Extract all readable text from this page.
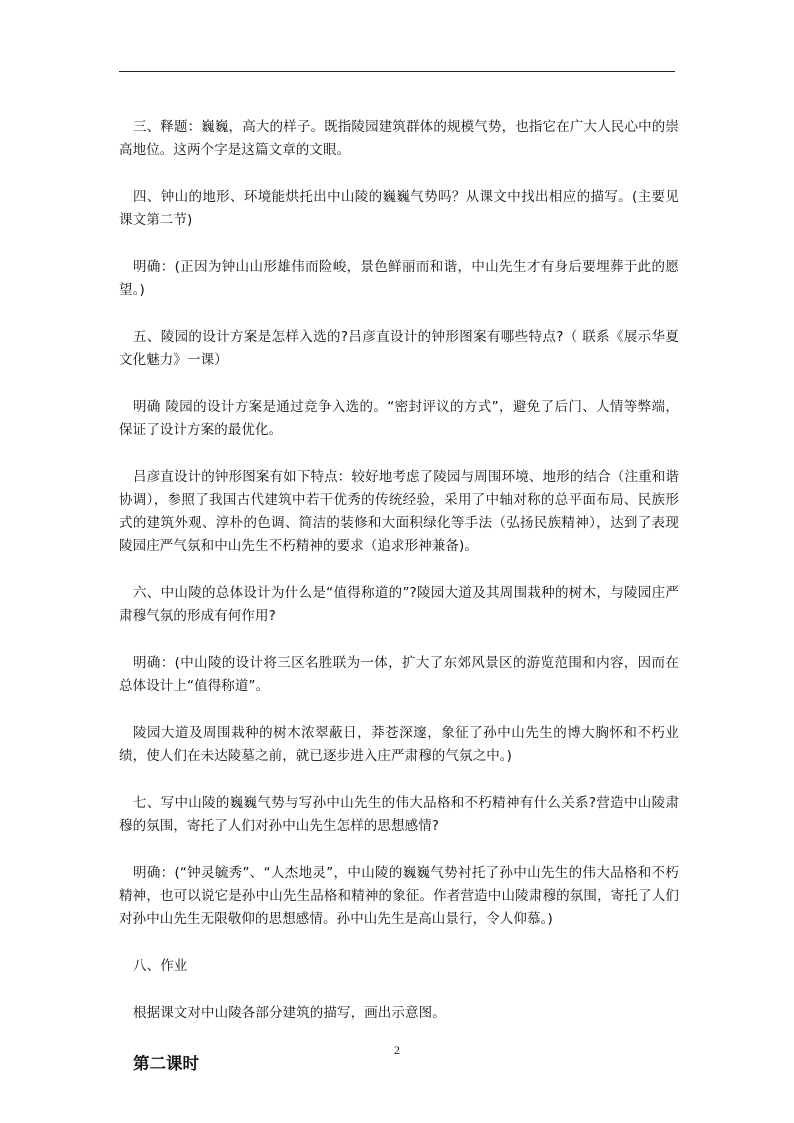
三、释题：巍巍，高大的样子。既指陵园建筑群体的规模气势，也指它在广大人民心中的崇高地位。这两个字是这篇文章的文眼。

四、钟山的地形、环境能烘托出中山陵的巍巍气势吗？从课文中找出相应的描写。(主要见课文第二节)

明确：(正因为钟山山形雄伟而险峻，景色鲜丽而和谐，中山先生才有身后要埋葬于此的愿望。)

五、陵园的设计方案是怎样入选的?吕彦直设计的钟形图案有哪些特点?（ 联系《展示华夏文化魅力》一课）

明确 陵园的设计方案是通过竞争入选的。“密封评议的方式”，避免了后门、人情等弊端，保证了设计方案的最优化。

吕彦直设计的钟形图案有如下特点：较好地考虑了陵园与周围环境、地形的结合（注重和谐协调），参照了我国古代建筑中若干优秀的传统经验，采用了中轴对称的总平面布局、民族形式的建筑外观、淳朴的色调、简洁的装修和大面积绿化等手法（弘扬民族精神），达到了表现陵园庄严气氛和中山先生不朽精神的要求（追求形神兼备)。

六、中山陵的总体设计为什么是“值得称道的”?陵园大道及其周围栽种的树木，与陵园庄严肃穆气氛的形成有何作用?

明确：(中山陵的设计将三区名胜联为一体，扩大了东郊风景区的游览范围和内容，因而在总体设计上“值得称道”。

陵园大道及周围栽种的树木浓翠蔽日，莽苍深邃，象征了孙中山先生的博大胸怀和不朽业绩，使人们在未达陵墓之前，就已逐步进入庄严肃穆的气氛之中。)

七、写中山陵的巍巍气势与写孙中山先生的伟大品格和不朽精神有什么关系?营造中山陵肃穆的氛围，寄托了人们对孙中山先生怎样的思想感情?

明确：(“钟灵毓秀”、“人杰地灵”，中山陵的巍巍气势衬托了孙中山先生的伟大品格和不朽精神，也可以说它是孙中山先生品格和精神的象征。作者营造中山陵肃穆的氛围，寄托了人们对孙中山先生无限敬仰的思想感情。孙中山先生是高山景行，令人仰慕。)

八、作业

根据课文对中山陵各部分建筑的描写，画出示意图。

第二课时
2
